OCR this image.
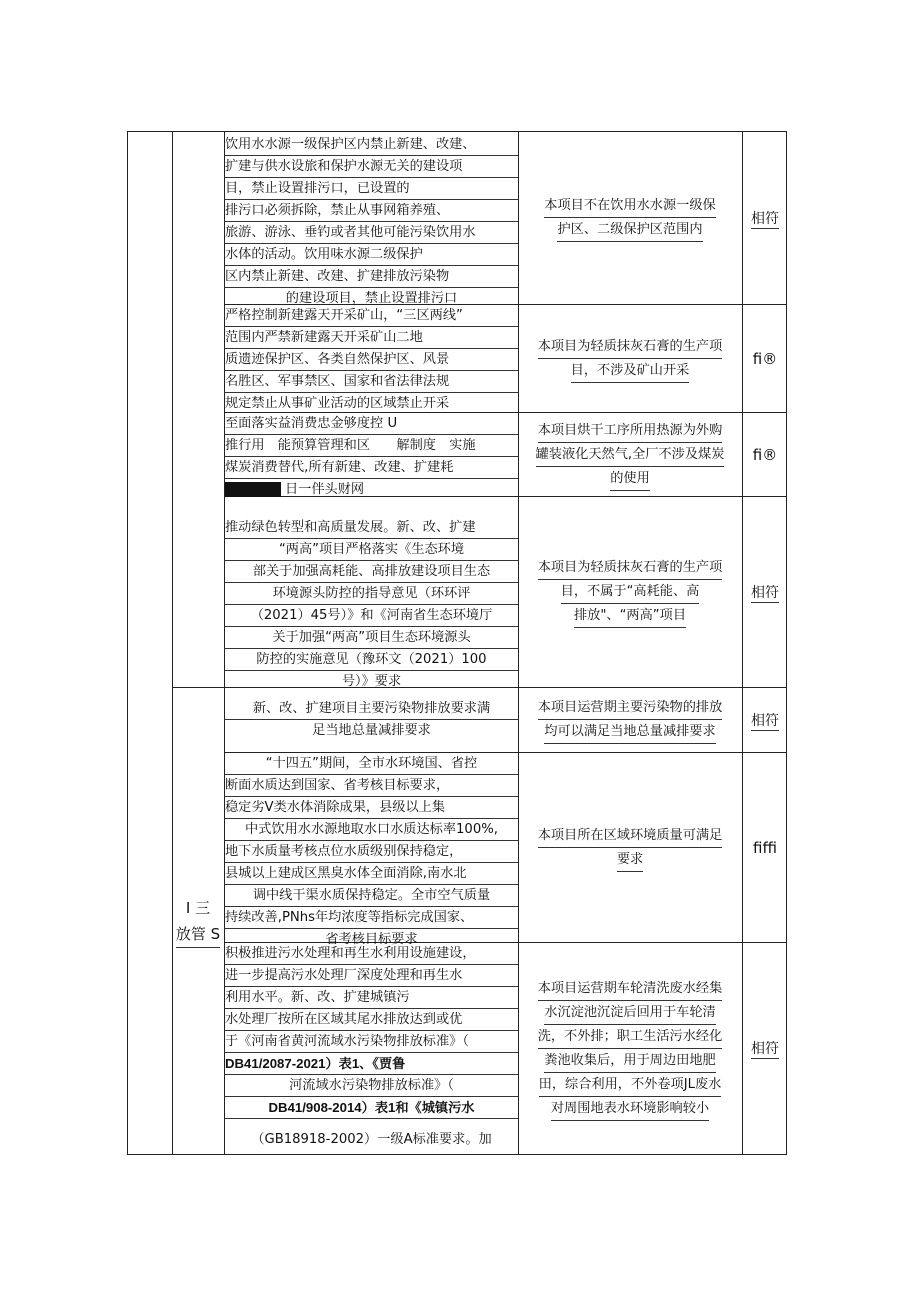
饮用水水源一级保护区内禁止新建、改建、
扩建与供水设旅和保护水源无关的建设项
目，禁止设置排污口，已设置的
排污口必须拆除，禁止从事网箱养殖、
旅游、游泳、垂钓或者其他可能污染饮用水
水体的活动。饮用味水源二级保护
区内禁止新建、改建、扩建排放污染物
的建设项目，禁止设置排污口
本项目不在饮用水水源一级保
护区、二级保护区范围内
相符
严格控制新建露天开采矿山，“三区两线”
范围内严禁新建露天开采矿山二地
质遗迹保护区、各类自然保护区、风景
名胜区、军事禁区、国家和省法律法规
规定禁止从事矿业活动的区域禁止开采
本项目为轻质抹灰石膏的生产项
目，不涉及矿山开采
fi®
至面落实益消费忠金够度控 U
推行用　能预算管理和区　　解制度　实施
煤炭消费替代,所有新建、改建、扩建耗
日一伴头财网
本项目烘干工序所用热源为外购
罐装液化天然气,全厂不涉及煤炭
的使用
fi®
推动绿色转型和高质量发展。新、改、扩建
“两高”项目严格落实《生态环境
部关于加强高耗能、高排放建设项目生态
环境源头防控的指导意见（环环评
（2021）45号）》和《河南省生态环境厅
关于加强“两高”项目生态环境源头
防控的实施意见（豫环文（2021）100
号）》要求
本项目为轻质抹灰石膏的生产项
目，不属于“高耗能、高
排放"、“两高”项目
相符
新、改、扩建项目主要污染物排放要求满
足当地总量减排要求
本项目运营期主要污染物的排放
均可以满足当地总量减排要求
相符
“十四五”期间，全市水环境国、省控
断面水质达到国家、省考核目标要求，
稳定劣Ⅴ类水体消除成果，县级以上集
中式饮用水水源地取水口水质达标率100%,
地下水质量考核点位水质级别保持稳定，
县城以上建成区黑臭水体全面消除,南水北
调中线干渠水质保持稳定。全市空气质量
持续改善,PNhs年均浓度等指标完成国家、
省考核目标要求
本项目所在区域环境质量可满足
要求
fiffi
积极推进污水处理和再生水利用设施建设，
进一步提高污水处理厂深度处理和再生水
利用水平。新、改、扩建城镇污
水处理厂按所在区域其尾水排放达到或优
于《河南省黄河流域水污染物排放标准》（
DB41/2087-2021）表1、《贾鲁
河流域水污染物排放标准》（
DB41/908-2014）表1和《城镇污水
（GB18918-2002）一级A标准要求。加
本项目运营期车轮清洗废水经集
水沉淀池沉淀后回用于车轮清
洗，不外排；职工生活污水经化
粪池收集后，用于周边田地肥
田，综合利用，不外卷项JL废水
对周围地表水环境影响较小
相符
I 三
放管 S
